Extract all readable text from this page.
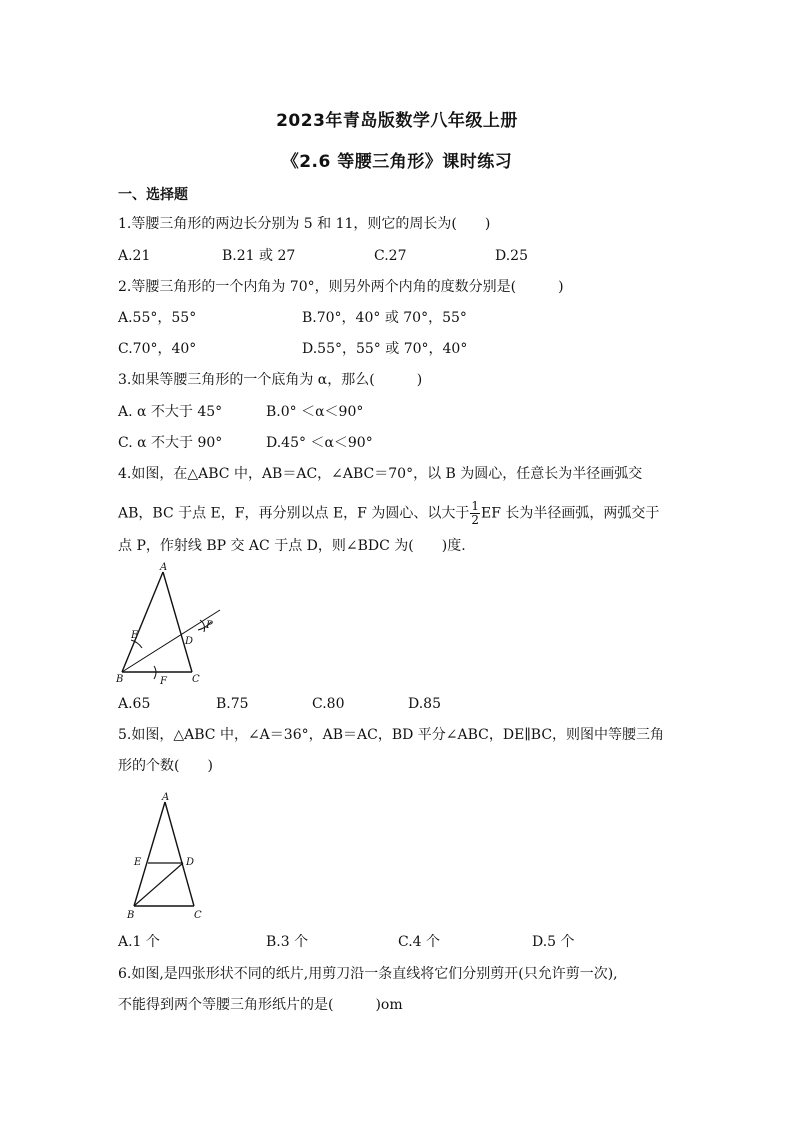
2023年青岛版数学八年级上册
《2.6 等腰三角形》课时练习
一、选择题
1.等腰三角形的两边长分别为 5 和 11，则它的周长为(　　)
A.21	B.21 或 27	C.27	D.25
2.等腰三角形的一个内角为 70°，则另外两个内角的度数分别是(　　　)
A.55°，55°	B.70°，40° 或 70°，55°
C.70°，40°	D.55°，55° 或 70°，40°
3.如果等腰三角形的一个底角为 α，那么(　　　)
A. α 不大于 45°	B.0° ＜α＜90°
C. α 不大于 90°	D.45° ＜α＜90°
4.如图，在△ABC 中，AB＝AC，∠ABC＝70°，以 B 为圆心，任意长为半径画弧交
AB，BC 于点 E，F，再分别以点 E，F 为圆心、以大于 $\frac{1}{2}$ EF 长为半径画弧，两弧交于
点 P，作射线 BP 交 AC 于点 D，则∠BDC 为(　　)度.
A
B	C
D
E
F
P
A.65	B.75	C.80	D.85
5.如图，△ABC 中，∠A＝36°，AB＝AC，BD 平分∠ABC，DE∥BC，则图中等腰三角
形的个数(　　)
A
B	C
D
E
A.1 个	B.3 个	C.4 个	D.5 个
6.如图,是四张形状不同的纸片,用剪刀沿一条直线将它们分别剪开(只允许剪一次),
不能得到两个等腰三角形纸片的是(　　　)om
